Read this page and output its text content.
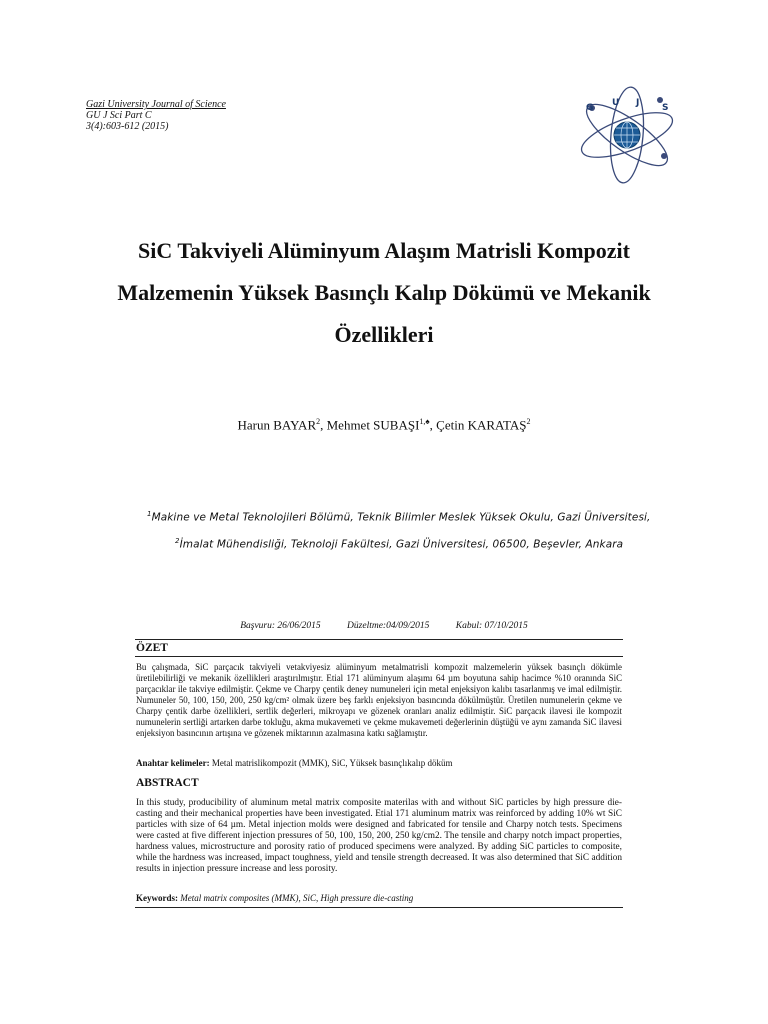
Gazi University Journal of Science
GU J Sci Part C
3(4):603-612 (2015)
G U J	S
SiC Takviyeli Alüminyum Alaşım Matrisli Kompozit
Malzemenin Yüksek Basınçlı Kalıp Dökümü ve Mekanik
Özellikleri
Harun BAYAR$^2$, Mehmet $SUBAŞI^{1,♠}$, Çetin KARATAŞ$^2$
$^1$Makine ve Metal Teknolojileri Bölümü, Teknik Bilimler Meslek Yüksek Okulu, Gazi Üniversitesi,
$^2$İmalat Mühendisliği, Teknoloji Fakültesi, Gazi Üniversitesi, 06500, Beşevler, Ankara
Başvuru: 26/06/2015	Düzeltme:04/09/2015	Kabul: 07/10/2015
ÖZET
Bu çalışmada, SiC parçacık takviyeli vetakviyesiz alüminyum metalmatrisli kompozit malzemelerin yüksek basınçlı dökümle üretilebilirliği ve mekanik özellikleri araştırılmıştır. Etial 171 alüminyum alaşımı 64 µm boyutuna sahip hacimce %10 oranında SiC parçacıklar ile takviye edilmiştir. Çekme ve Charpy çentik deney numuneleri için metal enjeksiyon kalıbı tasarlanmış ve imal edilmiştir. Numuneler 50, 100, 150, 200, 250 kg/cm² olmak üzere beş farklı enjeksiyon basıncında dökülmüştür. Üretilen numunelerin çekme ve Charpy çentik darbe özellikleri, sertlik değerleri, mikroyapı ve gözenek oranları analiz edilmiştir. SiC parçacık ilavesi ile kompozit numunelerin sertliği artarken darbe tokluğu, akma mukavemeti ve çekme mukavemeti değerlerinin düştüğü ve aynı zamanda SiC ilavesi enjeksiyon basıncının artışına ve gözenek miktarının azalmasına katkı sağlamıştır.
Anahtar kelimeler: Metal matrislikompozit (MMK), SiC, Yüksek basınçlıkalıp döküm
ABSTRACT
In this study, producibility of aluminum metal matrix composite materilas with and without SiC particles by high pressure die-casting and their mechanical properties have been investigated. Etial 171 aluminum matrix was reinforced by adding 10% wt SiC particles with size of 64 µm. Metal injection molds were designed and fabricated for tensile and Charpy notch tests. Specimens were casted at five different injection pressures of 50, 100, 150, 200, 250 kg/cm2. The tensile and charpy notch impact properties, hardness values, microstructure and porosity ratio of produced specimens were analyzed. By adding SiC particles to composite, while the hardness was increased, impact toughness, yield and tensile strength decreased. It was also determined that SiC addition results in injection pressure increase and less porosity.
Keywords: Metal matrix composites (MMK), SiC, High pressure die-casting
